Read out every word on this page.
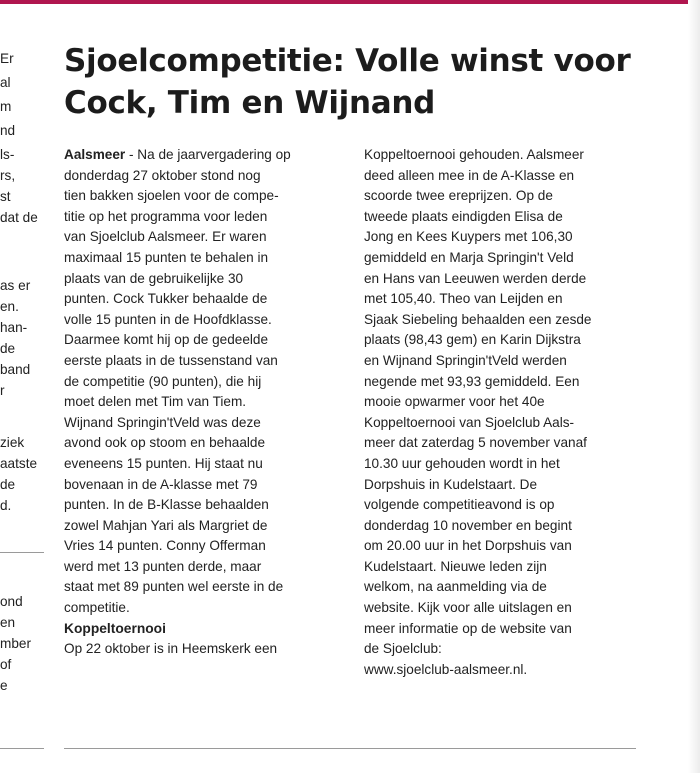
Er
al
m
nd
ls-
rs,
st
dat de
as er
en.
han-
de
band
r
ziek
aatste
de
d.
ond
en
mber
of
e
Sjoelcompetitie: Volle winst voor Cock, Tim en Wijnand

Aalsmeer - Na de jaarvergadering op

donderdag 27 oktober stond nog

tien bakken sjoelen voor de compe-

titie op het programma voor leden

van Sjoelclub Aalsmeer. Er waren

maximaal 15 punten te behalen in

plaats van de gebruikelijke 30

punten. Cock Tukker behaalde de

volle 15 punten in de Hoofdklasse.

Daarmee komt hij op de gedeelde

eerste plaats in de tussenstand van

de competitie (90 punten), die hij

moet delen met Tim van Tiem.

Wijnand Springin'tVeld was deze

avond ook op stoom en behaalde

eveneens 15 punten. Hij staat nu

bovenaan in de A-klasse met 79

punten. In de B-Klasse behaalden

zowel Mahjan Yari als Margriet de

Vries 14 punten. Conny Offerman

werd met 13 punten derde, maar

staat met 89 punten wel eerste in de

competitie.

Koppeltoernooi

Op 22 oktober is in Heemskerk een

Koppeltoernooi gehouden. Aalsmeer

deed alleen mee in de A-Klasse en

scoorde twee ereprijzen. Op de

tweede plaats eindigden Elisa de

Jong en Kees Kuypers met 106,30

gemiddeld en Marja Springin't Veld

en Hans van Leeuwen werden derde

met 105,40. Theo van Leijden en

Sjaak Siebeling behaalden een zesde

plaats (98,43 gem) en Karin Dijkstra

en Wijnand Springin'tVeld werden

negende met 93,93 gemiddeld. Een

mooie opwarmer voor het 40e

Koppeltoernooi van Sjoelclub Aals-

meer dat zaterdag 5 november vanaf

10.30 uur gehouden wordt in het

Dorpshuis in Kudelstaart. De

volgende competitieavond is op

donderdag 10 november en begint

om 20.00 uur in het Dorpshuis van

Kudelstaart. Nieuwe leden zijn

welkom, na aanmelding via de

website. Kijk voor alle uitslagen en

meer informatie op de website van

de Sjoelclub:

www.sjoelclub-aalsmeer.nl.
